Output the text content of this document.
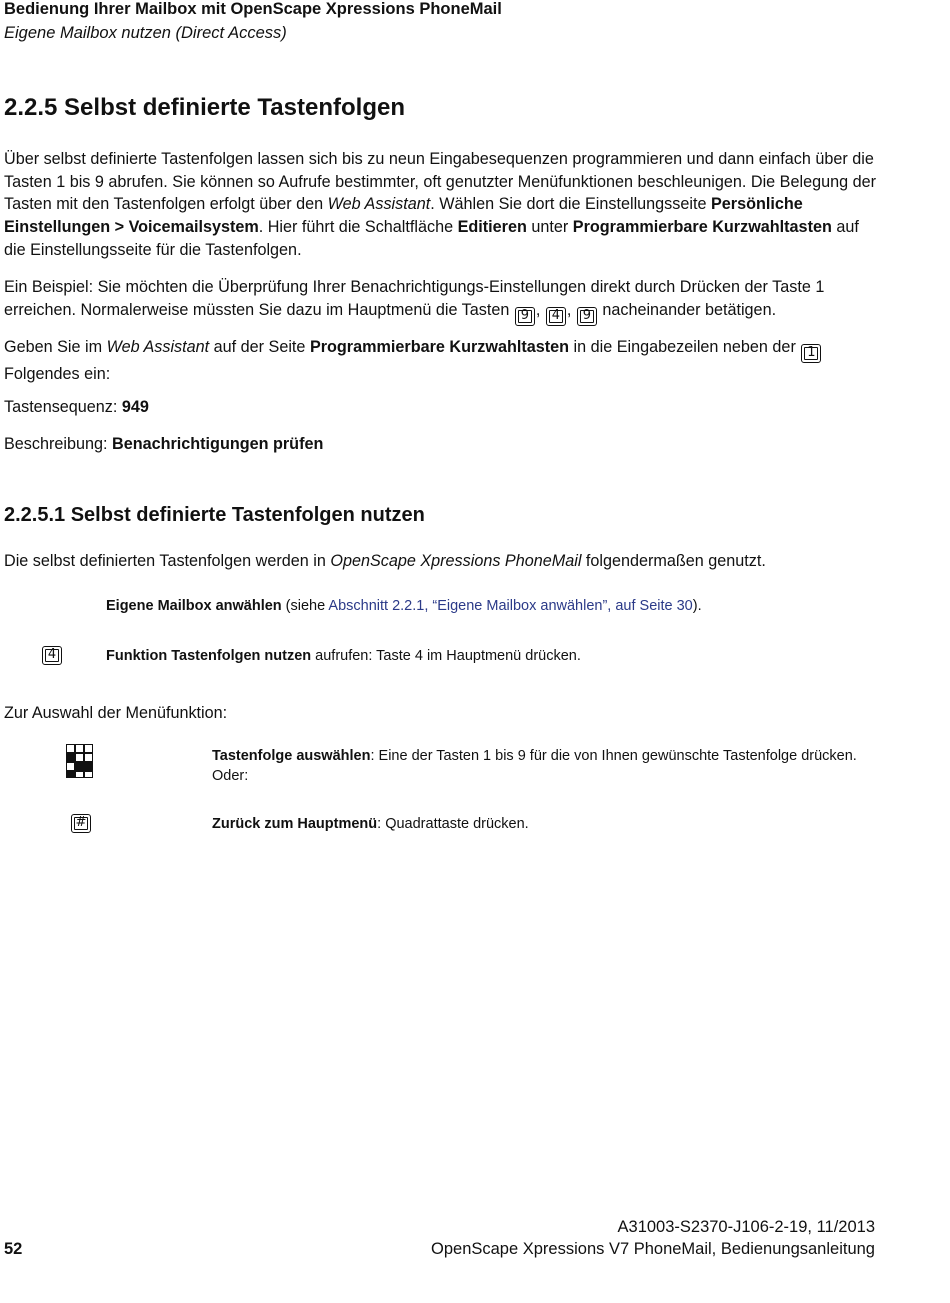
Bedienung Ihrer Mailbox mit OpenScape Xpressions PhoneMail
Eigene Mailbox nutzen (Direct Access)
2.2.5 Selbst definierte Tastenfolgen
Über selbst definierte Tastenfolgen lassen sich bis zu neun Eingabesequenzen programmieren und dann einfach über die Tasten 1 bis 9 abrufen. Sie können so Aufrufe bestimmter, oft genutzter Menüfunktionen beschleunigen. Die Belegung der Tasten mit den Tastenfolgen erfolgt über den Web Assistant. Wählen Sie dort die Einstellungsseite Persönliche Einstellungen > Voicemailsystem. Hier führt die Schaltfläche Editieren unter Programmierbare Kurzwahltasten auf die Einstellungsseite für die Tastenfolgen.
Ein Beispiel: Sie möchten die Überprüfung Ihrer Benachrichtigungs-Einstellungen direkt durch Drücken der Taste 1 erreichen. Normalerweise müssten Sie dazu im Hauptmenü die Tasten 9 , 4 , 9 nacheinander betätigen.
Geben Sie im Web Assistant auf der Seite Programmierbare Kurzwahltasten in die Eingabezeilen neben der 1 Folgendes ein:
Tastensequenz: 949
Beschreibung: Benachrichtigungen prüfen
2.2.5.1 Selbst definierte Tastenfolgen nutzen
Die selbst definierten Tastenfolgen werden in OpenScape Xpressions PhoneMail folgendermaßen genutzt.
Eigene Mailbox anwählen (siehe Abschnitt 2.2.1, “Eigene Mailbox anwählen”, auf Seite 30).
4	Funktion Tastenfolgen nutzen aufrufen: Taste 4 im Hauptmenü drücken.
Zur Auswahl der Menüfunktion:
Tastenfolge auswählen: Eine der Tasten 1 bis 9 für die von Ihnen gewünschte Tastenfolge drücken.
Oder:
#	Zurück zum Hauptmenü: Quadrattaste drücken.
A31003-S2370-J106-2-19, 11/2013
52	OpenScape Xpressions V7 PhoneMail, Bedienungsanleitung
